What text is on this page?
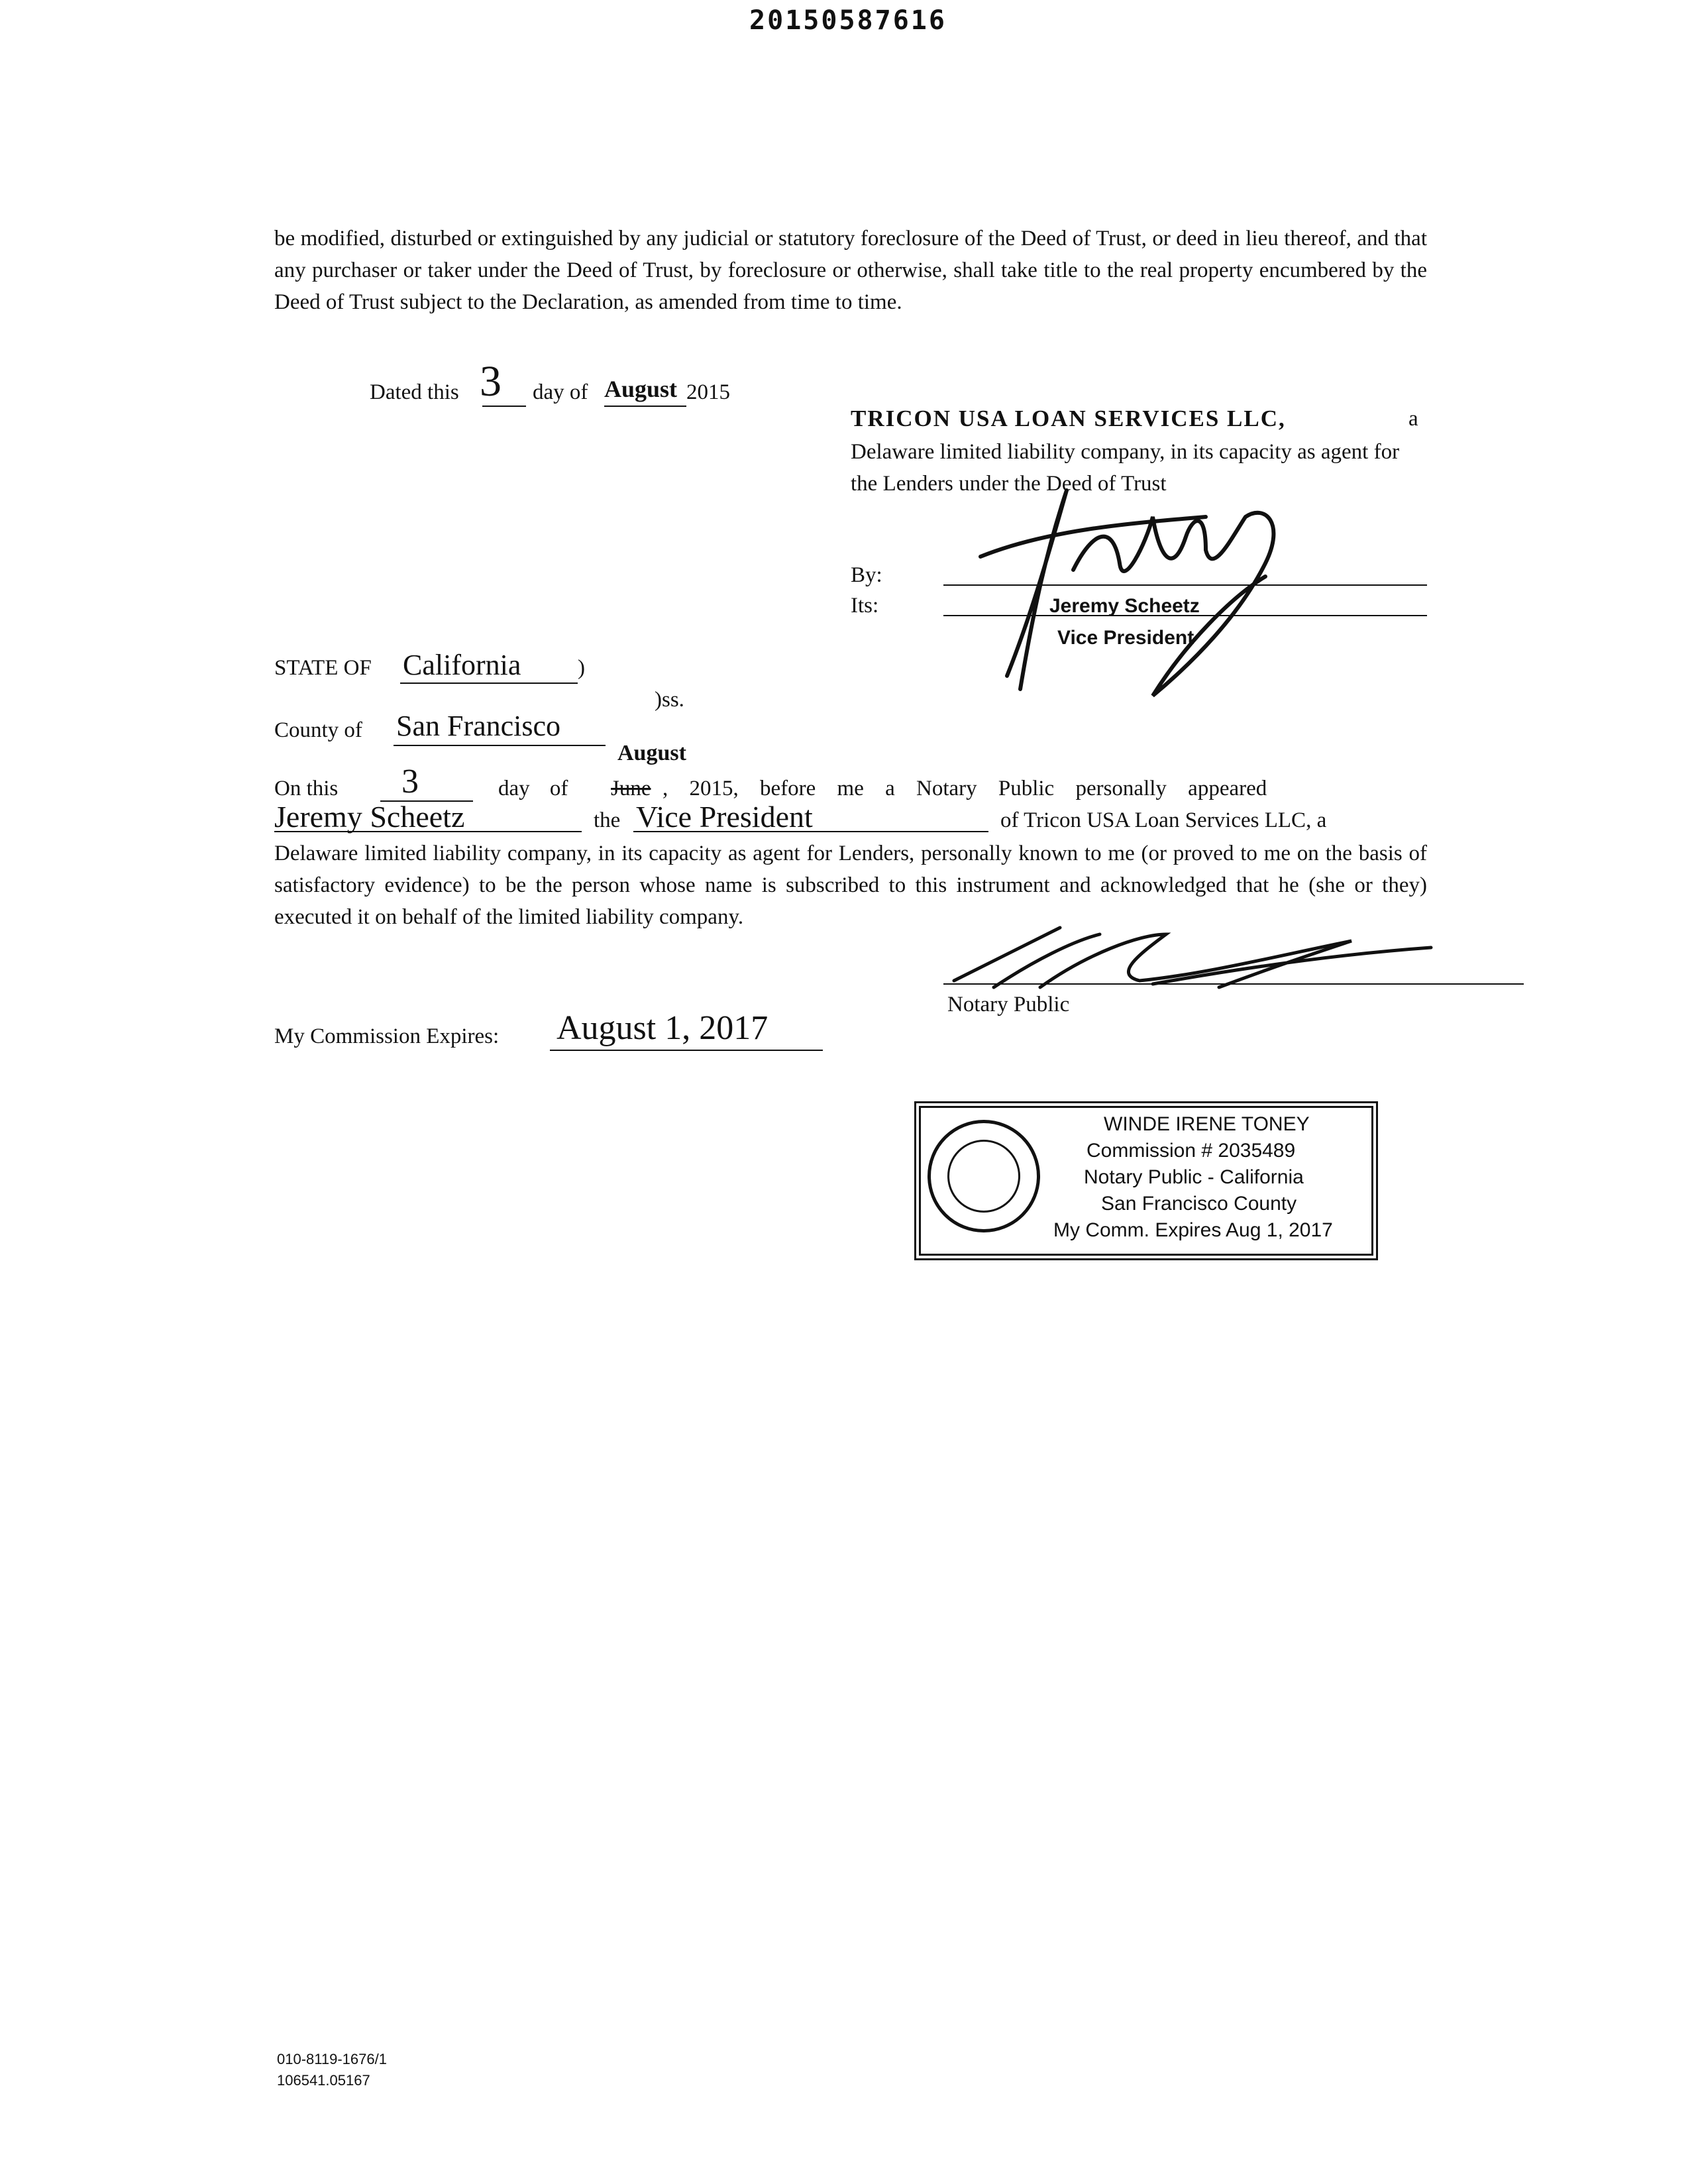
20150587616
be modified, disturbed or extinguished by any judicial or statutory foreclosure of the Deed of Trust, or deed in lieu thereof, and that any purchaser or taker under the Deed of Trust, by foreclosure or otherwise, shall take title to the real property encumbered by the Deed of Trust subject to the Declaration, as amended from time to time.
Dated this 3 day of August 2015
TRICON USA LOAN SERVICES LLC,	a
Delaware limited liability company, in its capacity as agent for the Lenders under the Deed of Trust
By:
Its:	Jeremy Scheetz
Vice President
STATE OF California	)
)ss.
County of San Francisco
On this 3	day of
August
June , 2015, before me a Notary Public personally appeared
Jeremy Scheetz	the Vice President	of Tricon USA Loan Services LLC, a
Delaware limited liability company, in its capacity as agent for Lenders, personally known to me (or proved to me on the basis of satisfactory evidence) to be the person whose name is subscribed to this instrument and acknowledged that he (she or they) executed it on behalf of the limited liability company.
Notary Public
My Commission Expires: August 1, 2017
WINDE IRENE TONEY
Commission # 2035489
Notary Public - California
San Francisco County
My Comm. Expires Aug 1, 2017
010-8119-1676/1
106541.05167
